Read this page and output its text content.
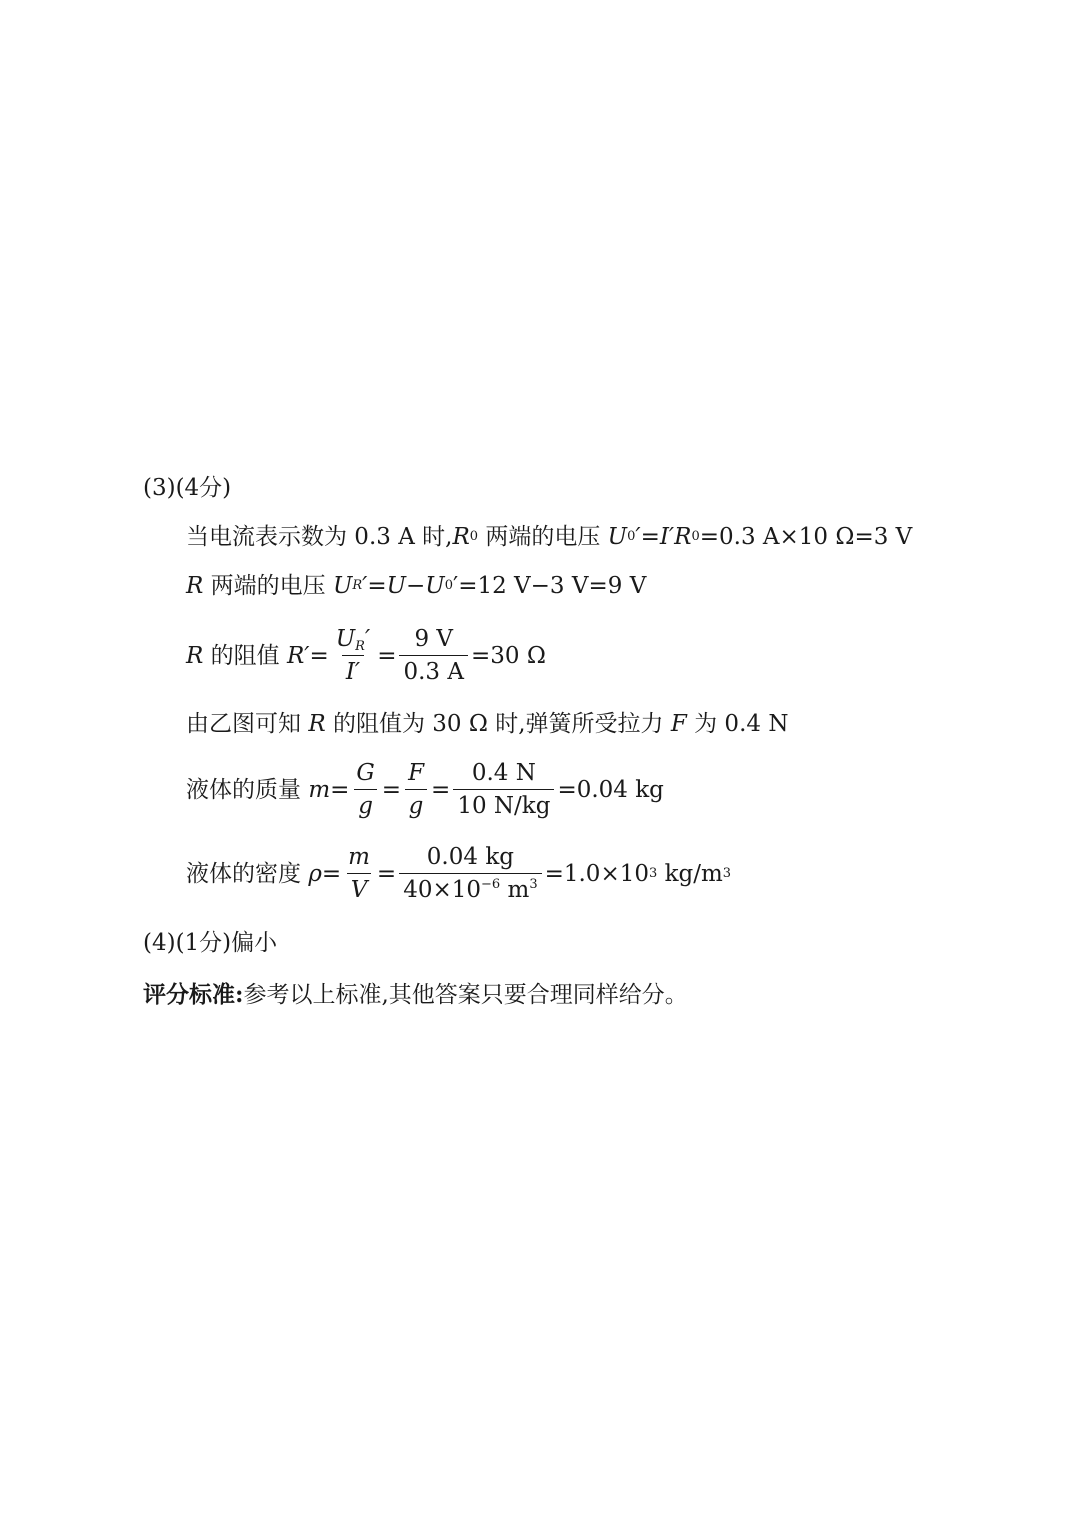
(3)(4分)
当电流表示数为 0.3 A 时, R 0 两端的电压 U 0 ′=I′R 0 =0.3 A×10 Ω=3 V
R 两端的电压 U R ′=U−U 0 ′=12 V−3 V=9 V
R 的阻值 $R'= \frac{U_R'}{I'} = \frac{9 V}{0.3 A} =30$ Ω
由乙图可知 R 的阻值为 30 Ω 时,弹簧所受拉力 F 为 0.4 N
液体的质量 $m= \frac{G}{g} = \frac{F}{g} = \frac{0.4 N}{10 N/kg} =0.04$ kg
液体的密度 $\rho= \frac{m}{V} = \frac{0.04 kg}{40\times 10^{-6} m^3} =1.0\times 10$ 3 kg/m 3
(4)(1分)偏小
评分标准: 参考以上标准,其他答案只要合理同样给分。
